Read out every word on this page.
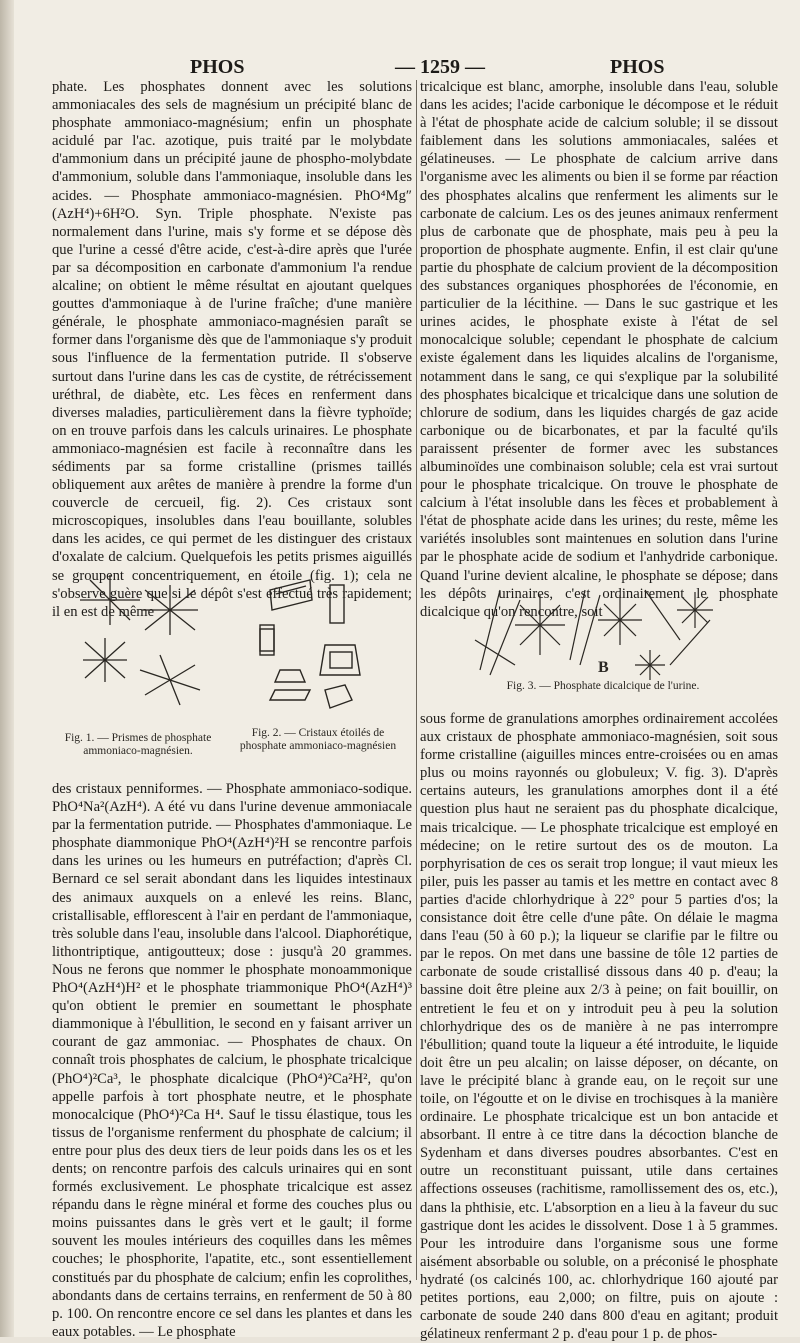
PHOS	— 1259 —	PHOS

phate. Les phosphates donnent avec les solutions ammoniacales des sels de magnésium un précipité blanc de phosphate ammoniaco-magnésium; enfin un phosphate acidulé par l'ac. azotique, puis traité par le molybdate d'ammonium dans un précipité jaune de phospho-molybdate d'ammonium, soluble dans l'ammoniaque, insoluble dans les acides. — Phosphate ammoniaco-magnésien. PhO⁴Mg″(AzH⁴)+6H²O. Syn. Triple phosphate. N'existe pas normalement dans l'urine, mais s'y forme et se dépose dès que l'urine a cessé d'être acide, c'est-à-dire après que l'urée par sa décomposition en carbonate d'ammonium l'a rendue alcaline; on obtient le même résultat en ajoutant quelques gouttes d'ammoniaque à de l'urine fraîche; d'une manière générale, le phosphate ammoniaco-magnésien paraît se former dans l'organisme dès que de l'ammoniaque s'y produit sous l'influence de la fermentation putride. Il s'observe surtout dans l'urine dans les cas de cystite, de rétrécissement uréthral, de diabète, etc. Les fèces en renferment dans diverses maladies, particulièrement dans la fièvre typhoïde; on en trouve parfois dans les calculs urinaires. Le phosphate ammoniaco-magnésien est facile à reconnaître dans les sédiments par sa forme cristalline (prismes taillés obliquement aux arêtes de manière à prendre la forme d'un couvercle de cercueil, fig. 2). Ces cristaux sont microscopiques, insolubles dans l'eau bouillante, solubles dans les acides, ce qui permet de les distinguer des cristaux d'oxalate de calcium. Quelquefois les petits prismes aiguillés se groupent concentriquement, en étoile (fig. 1); cela ne s'observe guère que si le dépôt s'est effectué très rapidement; il en est de même

tricalcique est blanc, amorphe, insoluble dans l'eau, soluble dans les acides; l'acide carbonique le décompose et le réduit à l'état de phosphate acide de calcium soluble; il se dissout faiblement dans les solutions ammoniacales, salées et gélatineuses. — Le phosphate de calcium arrive dans l'organisme avec les aliments ou bien il se forme par réaction des phosphates alcalins que renferment les aliments sur le carbonate de calcium. Les os des jeunes animaux renferment plus de carbonate que de phosphate, mais peu à peu la proportion de phosphate augmente. Enfin, il est clair qu'une partie du phosphate de calcium provient de la décomposition des substances organiques phosphorées de l'économie, en particulier de la lécithine. — Dans le suc gastrique et les urines acides, le phosphate existe à l'état de sel monocalcique soluble; cependant le phosphate de calcium existe également dans les liquides alcalins de l'organisme, notamment dans le sang, ce qui s'explique par la solubilité des phosphates bicalcique et tricalcique dans une solution de chlorure de sodium, dans les liquides chargés de gaz acide carbonique ou de bicarbonates, et par la faculté qu'ils paraissent présenter de former avec les substances albuminoïdes une combinaison soluble; cela est vrai surtout pour le phosphate tricalcique. On trouve le phosphate de calcium à l'état insoluble dans les fèces et probablement à l'état de phosphate acide dans les urines; du reste, même les variétés insolubles sont maintenues en solution dans l'urine par le phosphate acide de sodium et l'anhydride carbonique. Quand l'urine devient alcaline, le phosphate se dépose; dans les dépôts urinaires, c'est ordinairement le phosphate dicalcique qu'on rencontre, soit

Fig. 1. — Prismes de phosphate ammoniaco-magnésien.
Fig. 2. — Cristaux étoilés de phosphate ammoniaco-magnésien
B
Fig. 3. — Phosphate dicalcique de l'urine.

des cristaux penniformes. — Phosphate ammoniaco-sodique. PhO⁴Na²(AzH⁴). A été vu dans l'urine devenue ammoniacale par la fermentation putride. — Phosphates d'ammoniaque. Le phosphate diammonique PhO⁴(AzH⁴)²H se rencontre parfois dans les urines ou les humeurs en putréfaction; d'après Cl. Bernard ce sel serait abondant dans les liquides intestinaux des animaux auxquels on a enlevé les reins. Blanc, cristallisable, efflorescent à l'air en perdant de l'ammoniaque, très soluble dans l'eau, insoluble dans l'alcool. Diaphorétique, lithontriptique, antigoutteux; dose : jusqu'à 20 grammes. Nous ne ferons que nommer le phosphate monoammonique PhO⁴(AzH⁴)H² et le phosphate triammonique PhO⁴(AzH⁴)³ qu'on obtient le premier en soumettant le phosphate diammonique à l'ébullition, le second en y faisant arriver un courant de gaz ammoniac. — Phosphates de chaux. On connaît trois phosphates de calcium, le phosphate tricalcique (PhO⁴)²Ca³, le phosphate dicalcique (PhO⁴)²Ca²H², qu'on appelle parfois à tort phosphate neutre, et le phosphate monocalcique (PhO⁴)²Ca H⁴. Sauf le tissu élastique, tous les tissus de l'organisme renferment du phosphate de calcium; il entre pour plus des deux tiers de leur poids dans les os et les dents; on rencontre parfois des calculs urinaires qui en sont formés exclusivement. Le phosphate tricalcique est assez répandu dans le règne minéral et forme des couches plus ou moins puissantes dans le grès vert et le gault; il forme souvent les moules intérieurs des coquilles dans les mêmes couches; le phosphorite, l'apatite, etc., sont essentiellement constitués par du phosphate de calcium; enfin les coprolithes, abondants dans de certains terrains, en renferment de 50 à 80 p. 100. On rencontre encore ce sel dans les plantes et dans les eaux potables. — Le phosphate

sous forme de granulations amorphes ordinairement accolées aux cristaux de phosphate ammoniaco-magnésien, soit sous forme cristalline (aiguilles minces entre-croisées ou en amas plus ou moins rayonnés ou globuleux; V. fig. 3). D'après certains auteurs, les granulations amorphes dont il a été question plus haut ne seraient pas du phosphate dicalcique, mais tricalcique. — Le phosphate tricalcique est employé en médecine; on le retire surtout des os de mouton. La porphyrisation de ces os serait trop longue; il vaut mieux les piler, puis les passer au tamis et les mettre en contact avec 8 parties d'acide chlorhydrique à 22° pour 5 parties d'os; la consistance doit être celle d'une pâte. On délaie le magma dans l'eau (50 à 60 p.); la liqueur se clarifie par le filtre ou par le repos. On met dans une bassine de tôle 12 parties de carbonate de soude cristallisé dissous dans 40 p. d'eau; la bassine doit être pleine aux 2/3 à peine; on fait bouillir, on entretient le feu et on y introduit peu à peu la solution chlorhydrique des os de manière à ne pas interrompre l'ébullition; quand toute la liqueur a été introduite, le liquide doit être un peu alcalin; on laisse déposer, on décante, on lave le précipité blanc à grande eau, on le reçoit sur une toile, on l'égoutte et on le divise en trochisques à la manière ordinaire. Le phosphate tricalcique est un bon antacide et absorbant. Il entre à ce titre dans la décoction blanche de Sydenham et dans diverses poudres absorbantes. C'est en outre un reconstituant puissant, utile dans certaines affections osseuses (rachitisme, ramollissement des os, etc.), dans la phthisie, etc. L'absorption en a lieu à la faveur du suc gastrique dont les acides le dissolvent. Dose 1 à 5 grammes. Pour les introduire dans l'organisme sous une forme aisément absorbable ou soluble, on a préconisé le phosphate hydraté (os calcinés 100, ac. chlorhydrique 160 ajouté par petites portions, eau 2,000; on filtre, puis on ajoute : carbonate de soude 240 dans 800 d'eau en agitant; produit gélatineux renfermant 2 p. d'eau pour 1 p. de phos-
